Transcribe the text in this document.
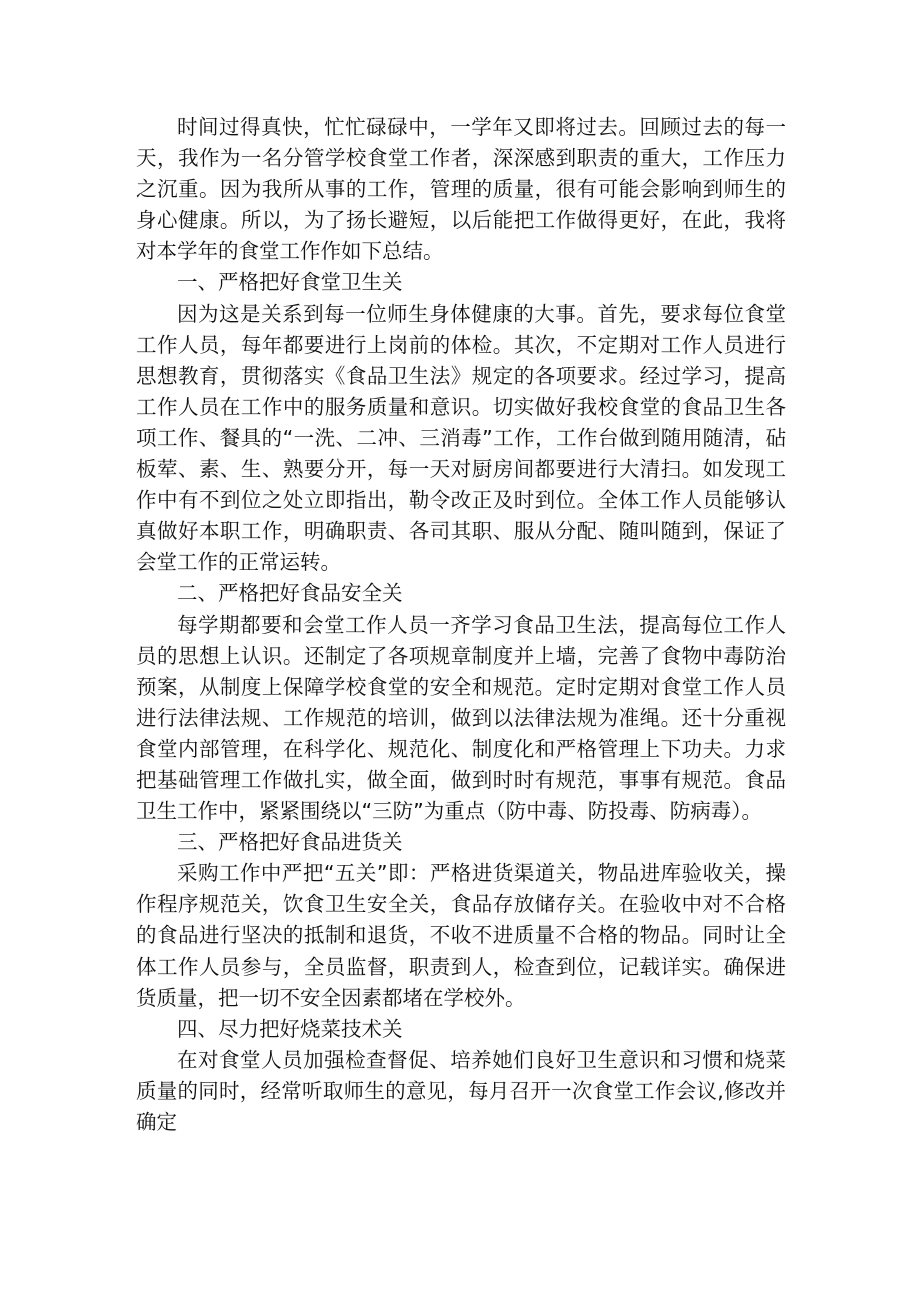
时间过得真快，忙忙碌碌中，一学年又即将过去。回顾过去的每一天，我作为一名分管学校食堂工作者，深深感到职责的重大，工作压力之沉重。因为我所从事的工作，管理的质量，很有可能会影响到师生的身心健康。所以，为了扬长避短，以后能把工作做得更好，在此，我将对本学年的食堂工作作如下总结。

一、严格把好食堂卫生关

因为这是关系到每一位师生身体健康的大事。首先，要求每位食堂工作人员，每年都要进行上岗前的体检。其次，不定期对工作人员进行思想教育，贯彻落实《食品卫生法》规定的各项要求。经过学习，提高工作人员在工作中的服务质量和意识。切实做好我校食堂的食品卫生各项工作、餐具的“一洗、二冲、三消毒”工作，工作台做到随用随清，砧板荤、素、生、熟要分开，每一天对厨房间都要进行大清扫。如发现工作中有不到位之处立即指出，勒令改正及时到位。全体工作人员能够认真做好本职工作，明确职责、各司其职、服从分配、随叫随到，保证了会堂工作的正常运转。

二、严格把好食品安全关

每学期都要和会堂工作人员一齐学习食品卫生法，提高每位工作人员的思想上认识。还制定了各项规章制度并上墙，完善了食物中毒防治预案，从制度上保障学校食堂的安全和规范。定时定期对食堂工作人员进行法律法规、工作规范的培训，做到以法律法规为准绳。还十分重视食堂内部管理，在科学化、规范化、制度化和严格管理上下功夫。力求把基础管理工作做扎实，做全面，做到时时有规范，事事有规范。食品卫生工作中，紧紧围绕以“三防”为重点（防中毒、防投毒、防病毒）。

三、严格把好食品进货关

采购工作中严把“五关”即：严格进货渠道关，物品进库验收关，操作程序规范关，饮食卫生安全关，食品存放储存关。在验收中对不合格的食品进行坚决的抵制和退货，不收不进质量不合格的物品。同时让全体工作人员参与，全员监督，职责到人，检查到位，记载详实。确保进货质量，把一切不安全因素都堵在学校外。

四、尽力把好烧菜技术关

在对食堂人员加强检查督促、培养她们良好卫生意识和习惯和烧菜质量的同时，经常听取师生的意见，每月召开一次食堂工作会议,修改并确定
